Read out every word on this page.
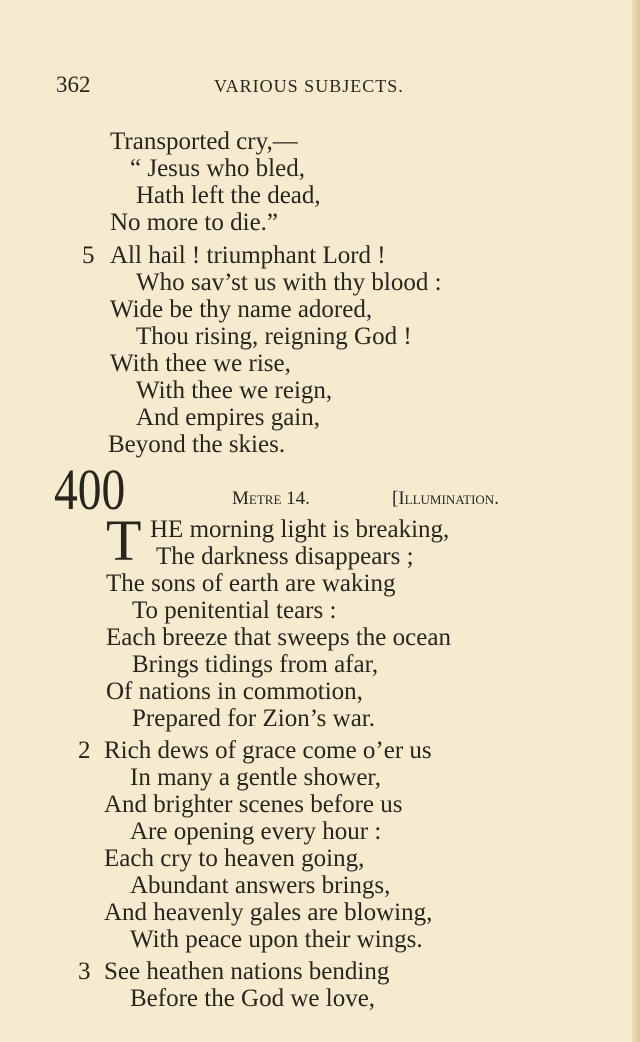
362	VARIOUS SUBJECTS.
Transported cry,—
“ Jesus who bled,
Hath left the dead,
No more to die.”
5 All hail ! triumphant Lord !
Who sav’st us with thy blood :
Wide be thy name adored,
Thou rising, reigning God !
With thee we rise,
With thee we reign,
And empires gain,
Beyond the skies.
400	Metre 14.	[Illumination.
T HE morning light is breaking,
The darkness disappears ;
The sons of earth are waking
To penitential tears :
Each breeze that sweeps the ocean
Brings tidings from afar,
Of nations in commotion,
Prepared for Zion’s war.
2 Rich dews of grace come o’er us
In many a gentle shower,
And brighter scenes before us
Are opening every hour :
Each cry to heaven going,
Abundant answers brings,
And heavenly gales are blowing,
With peace upon their wings.
3 See heathen nations bending
Before the God we love,
